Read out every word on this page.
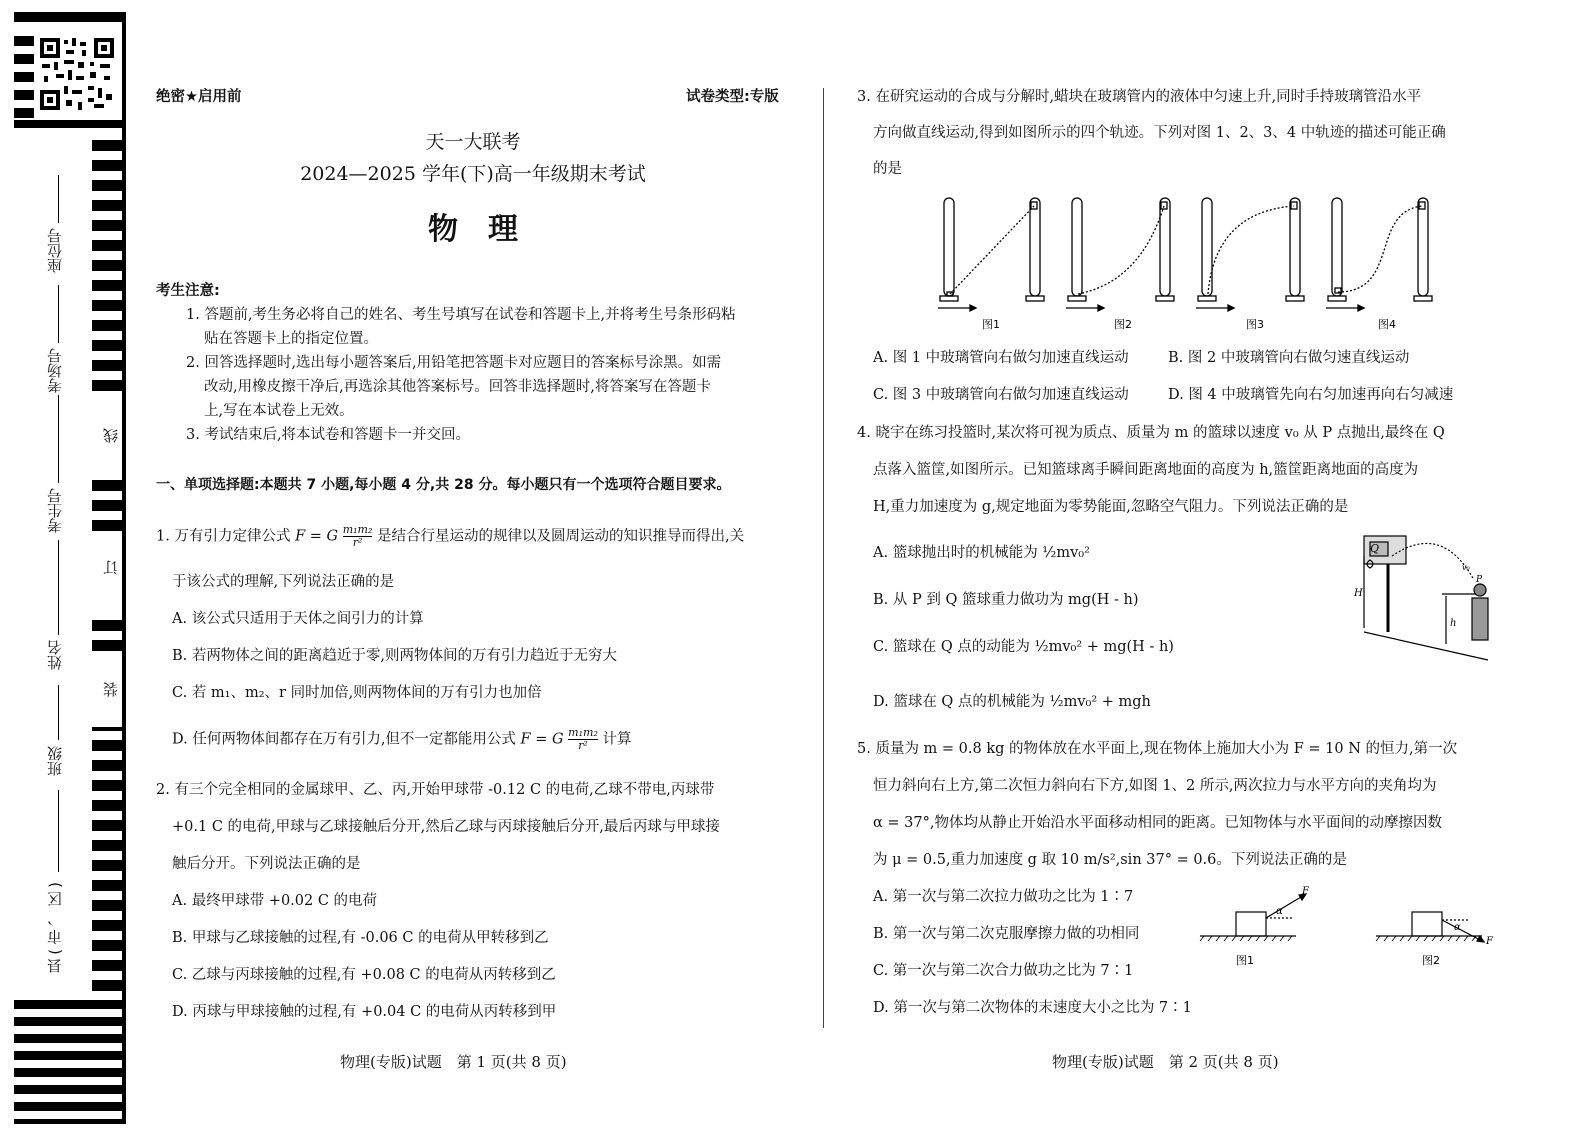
线
订
装
座位号
考场号
考生号
姓名
班级
县(市、区)
绝密★启用前	试卷类型:专版
天一大联考
2024—2025 学年(下)高一年级期末考试
物　理
考生注意:
1. 答题前,考生务必将自己的姓名、考生号填写在试卷和答题卡上,并将考生号条形码粘
贴在答题卡上的指定位置。
2. 回答选择题时,选出每小题答案后,用铅笔把答题卡对应题目的答案标号涂黑。如需
改动,用橡皮擦干净后,再选涂其他答案标号。回答非选择题时,将答案写在答题卡
上,写在本试卷上无效。
3. 考试结束后,将本试卷和答题卡一并交回。
一、单项选择题:本题共 7 小题,每小题 4 分,共 28 分。每小题只有一个选项符合题目要求。
1. 万有引力定律公式 F = G $\frac{\text{m₁m₂}}{\text{r²}}$ 是结合行星运动的规律以及圆周运动的知识推导而得出,关
于该公式的理解,下列说法正确的是
A. 该公式只适用于天体之间引力的计算
B. 若两物体之间的距离趋近于零,则两物体间的万有引力趋近于无穷大
C. 若 m₁、m₂、r 同时加倍,则两物体间的万有引力也加倍
D. 任何两物体间都存在万有引力,但不一定都能用公式 F = G $\frac{\text{m₁m₂}}{\text{r²}}$ 计算
2. 有三个完全相同的金属球甲、乙、丙,开始甲球带 -0.12 C 的电荷,乙球不带电,丙球带
+0.1 C 的电荷,甲球与乙球接触后分开,然后乙球与丙球接触后分开,最后丙球与甲球接
触后分开。下列说法正确的是
A. 最终甲球带 +0.02 C 的电荷
B. 甲球与乙球接触的过程,有 -0.06 C 的电荷从甲转移到乙
C. 乙球与丙球接触的过程,有 +0.08 C 的电荷从丙转移到乙
D. 丙球与甲球接触的过程,有 +0.04 C 的电荷从丙转移到甲
物理(专版)试题　第 1 页(共 8 页)
3. 在研究运动的合成与分解时,蜡块在玻璃管内的液体中匀速上升,同时手持玻璃管沿水平
方向做直线运动,得到如图所示的四个轨迹。下列对图 1、2、3、4 中轨迹的描述可能正确
的是
图1	图2	图3	图4
A. 图 1 中玻璃管向右做匀加速直线运动	B. 图 2 中玻璃管向右做匀速直线运动
C. 图 3 中玻璃管向右做匀加速直线运动	D. 图 4 中玻璃管先向右匀加速再向右匀减速
4. 晓宇在练习投篮时,某次将可视为质点、质量为 m 的篮球以速度 v₀ 从 P 点抛出,最终在 Q
点落入篮筐,如图所示。已知篮球离手瞬间距离地面的高度为 h,篮筐距离地面的高度为
H,重力加速度为 g,规定地面为零势能面,忽略空气阻力。下列说法正确的是
A. 篮球抛出时的机械能为 ½mv₀²
B. 从 P 到 Q 篮球重力做功为 mg(H - h)
C. 篮球在 Q 点的动能为 ½mv₀² + mg(H - h)
D. 篮球在 Q 点的机械能为 ½mv₀² + mgh
Q
P
v₀
H
h
5. 质量为 m = 0.8 kg 的物体放在水平面上,现在物体上施加大小为 F = 10 N 的恒力,第一次
恒力斜向右上方,第二次恒力斜向右下方,如图 1、2 所示,两次拉力与水平方向的夹角均为
α = 37°,物体均从静止开始沿水平面移动相同的距离。已知物体与水平面间的动摩擦因数
为 μ = 0.5,重力加速度 g 取 10 m/s²,sin 37° = 0.6。下列说法正确的是
A. 第一次与第二次拉力做功之比为 1∶7
B. 第一次与第二次克服摩擦力做的功相同
C. 第一次与第二次合力做功之比为 7∶1
D. 第一次与第二次物体的末速度大小之比为 7∶1
F
α
F
α
图1	图2
物理(专版)试题　第 2 页(共 8 页)
